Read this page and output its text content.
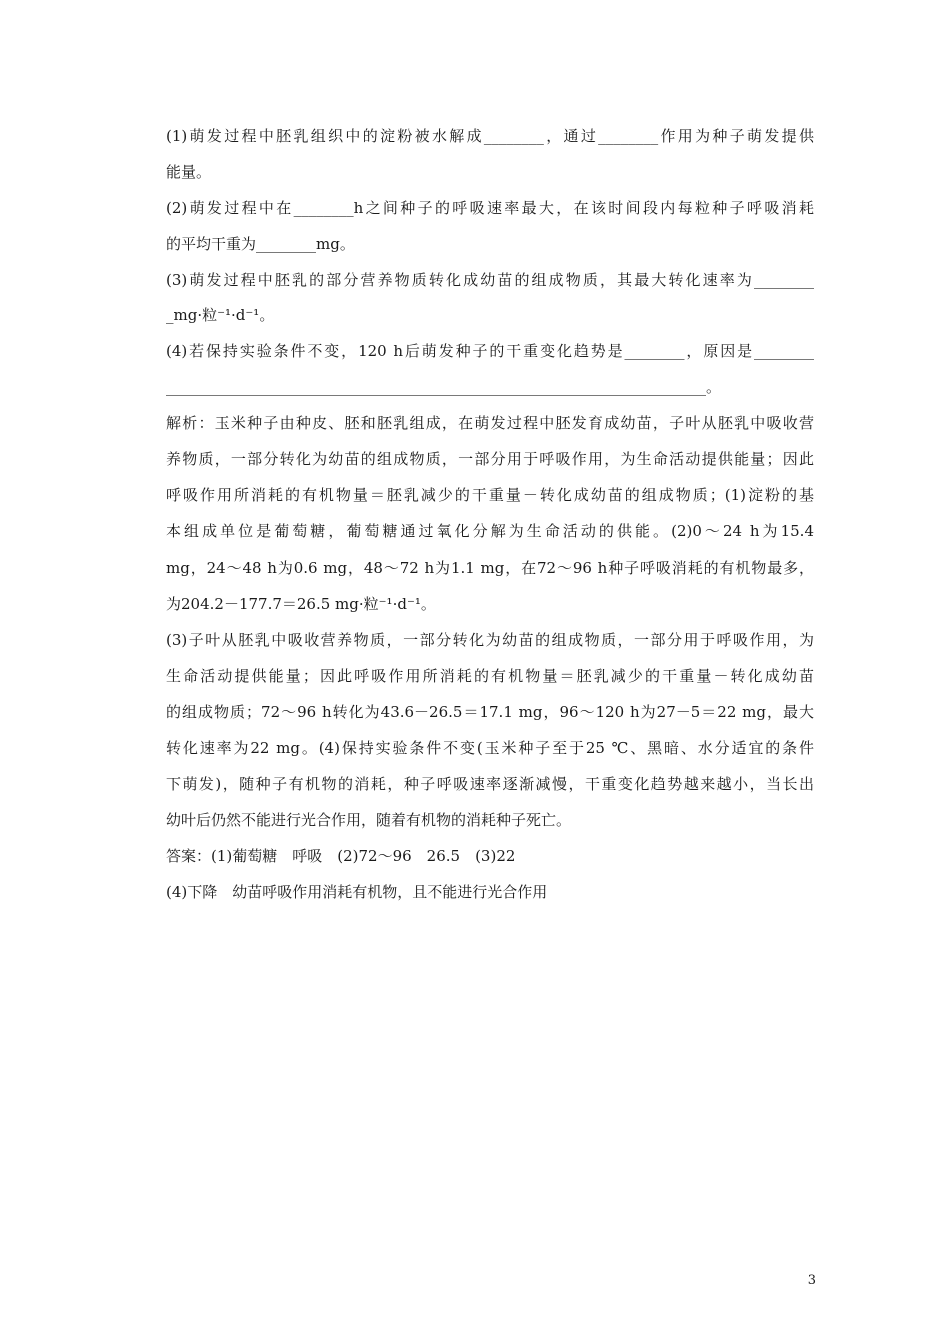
(1)萌发过程中胚乳组织中的淀粉被水解成________，通过________作用为种子萌发提供
能量。
(2)萌发过程中在________h之间种子的呼吸速率最大，在该时间段内每粒种子呼吸消耗
的平均干重为________mg。
(3)萌发过程中胚乳的部分营养物质转化成幼苗的组成物质，其最大转化速率为________
_mg·粒⁻¹·d⁻¹。
(4)若保持实验条件不变，120 h后萌发种子的干重变化趋势是________，原因是________
________________________________________________________________________。
解析：玉米种子由种皮、胚和胚乳组成，在萌发过程中胚发育成幼苗，子叶从胚乳中吸收营
养物质，一部分转化为幼苗的组成物质，一部分用于呼吸作用，为生命活动提供能量；因此
呼吸作用所消耗的有机物量＝胚乳减少的干重量－转化成幼苗的组成物质；(1)淀粉的基
本组成单位是葡萄糖，葡萄糖通过氧化分解为生命活动的供能。(2)0～24 h为15.4
mg，24～48 h为0.6 mg，48～72 h为1.1 mg，在72～96 h种子呼吸消耗的有机物最多，
为204.2－177.7＝26.5 mg·粒⁻¹·d⁻¹。
(3)子叶从胚乳中吸收营养物质，一部分转化为幼苗的组成物质，一部分用于呼吸作用，为
生命活动提供能量；因此呼吸作用所消耗的有机物量＝胚乳减少的干重量－转化成幼苗
的组成物质；72～96 h转化为43.6－26.5＝17.1 mg，96～120 h为27－5＝22 mg，最大
转化速率为22 mg。(4)保持实验条件不变(玉米种子至于25 ℃、黑暗、水分适宜的条件
下萌发)，随种子有机物的消耗，种子呼吸速率逐渐减慢，干重变化趋势越来越小，当长出
幼叶后仍然不能进行光合作用，随着有机物的消耗种子死亡。
答案：(1)葡萄糖　呼吸　(2)72～96　26.5　(3)22
(4)下降　幼苗呼吸作用消耗有机物，且不能进行光合作用
3
